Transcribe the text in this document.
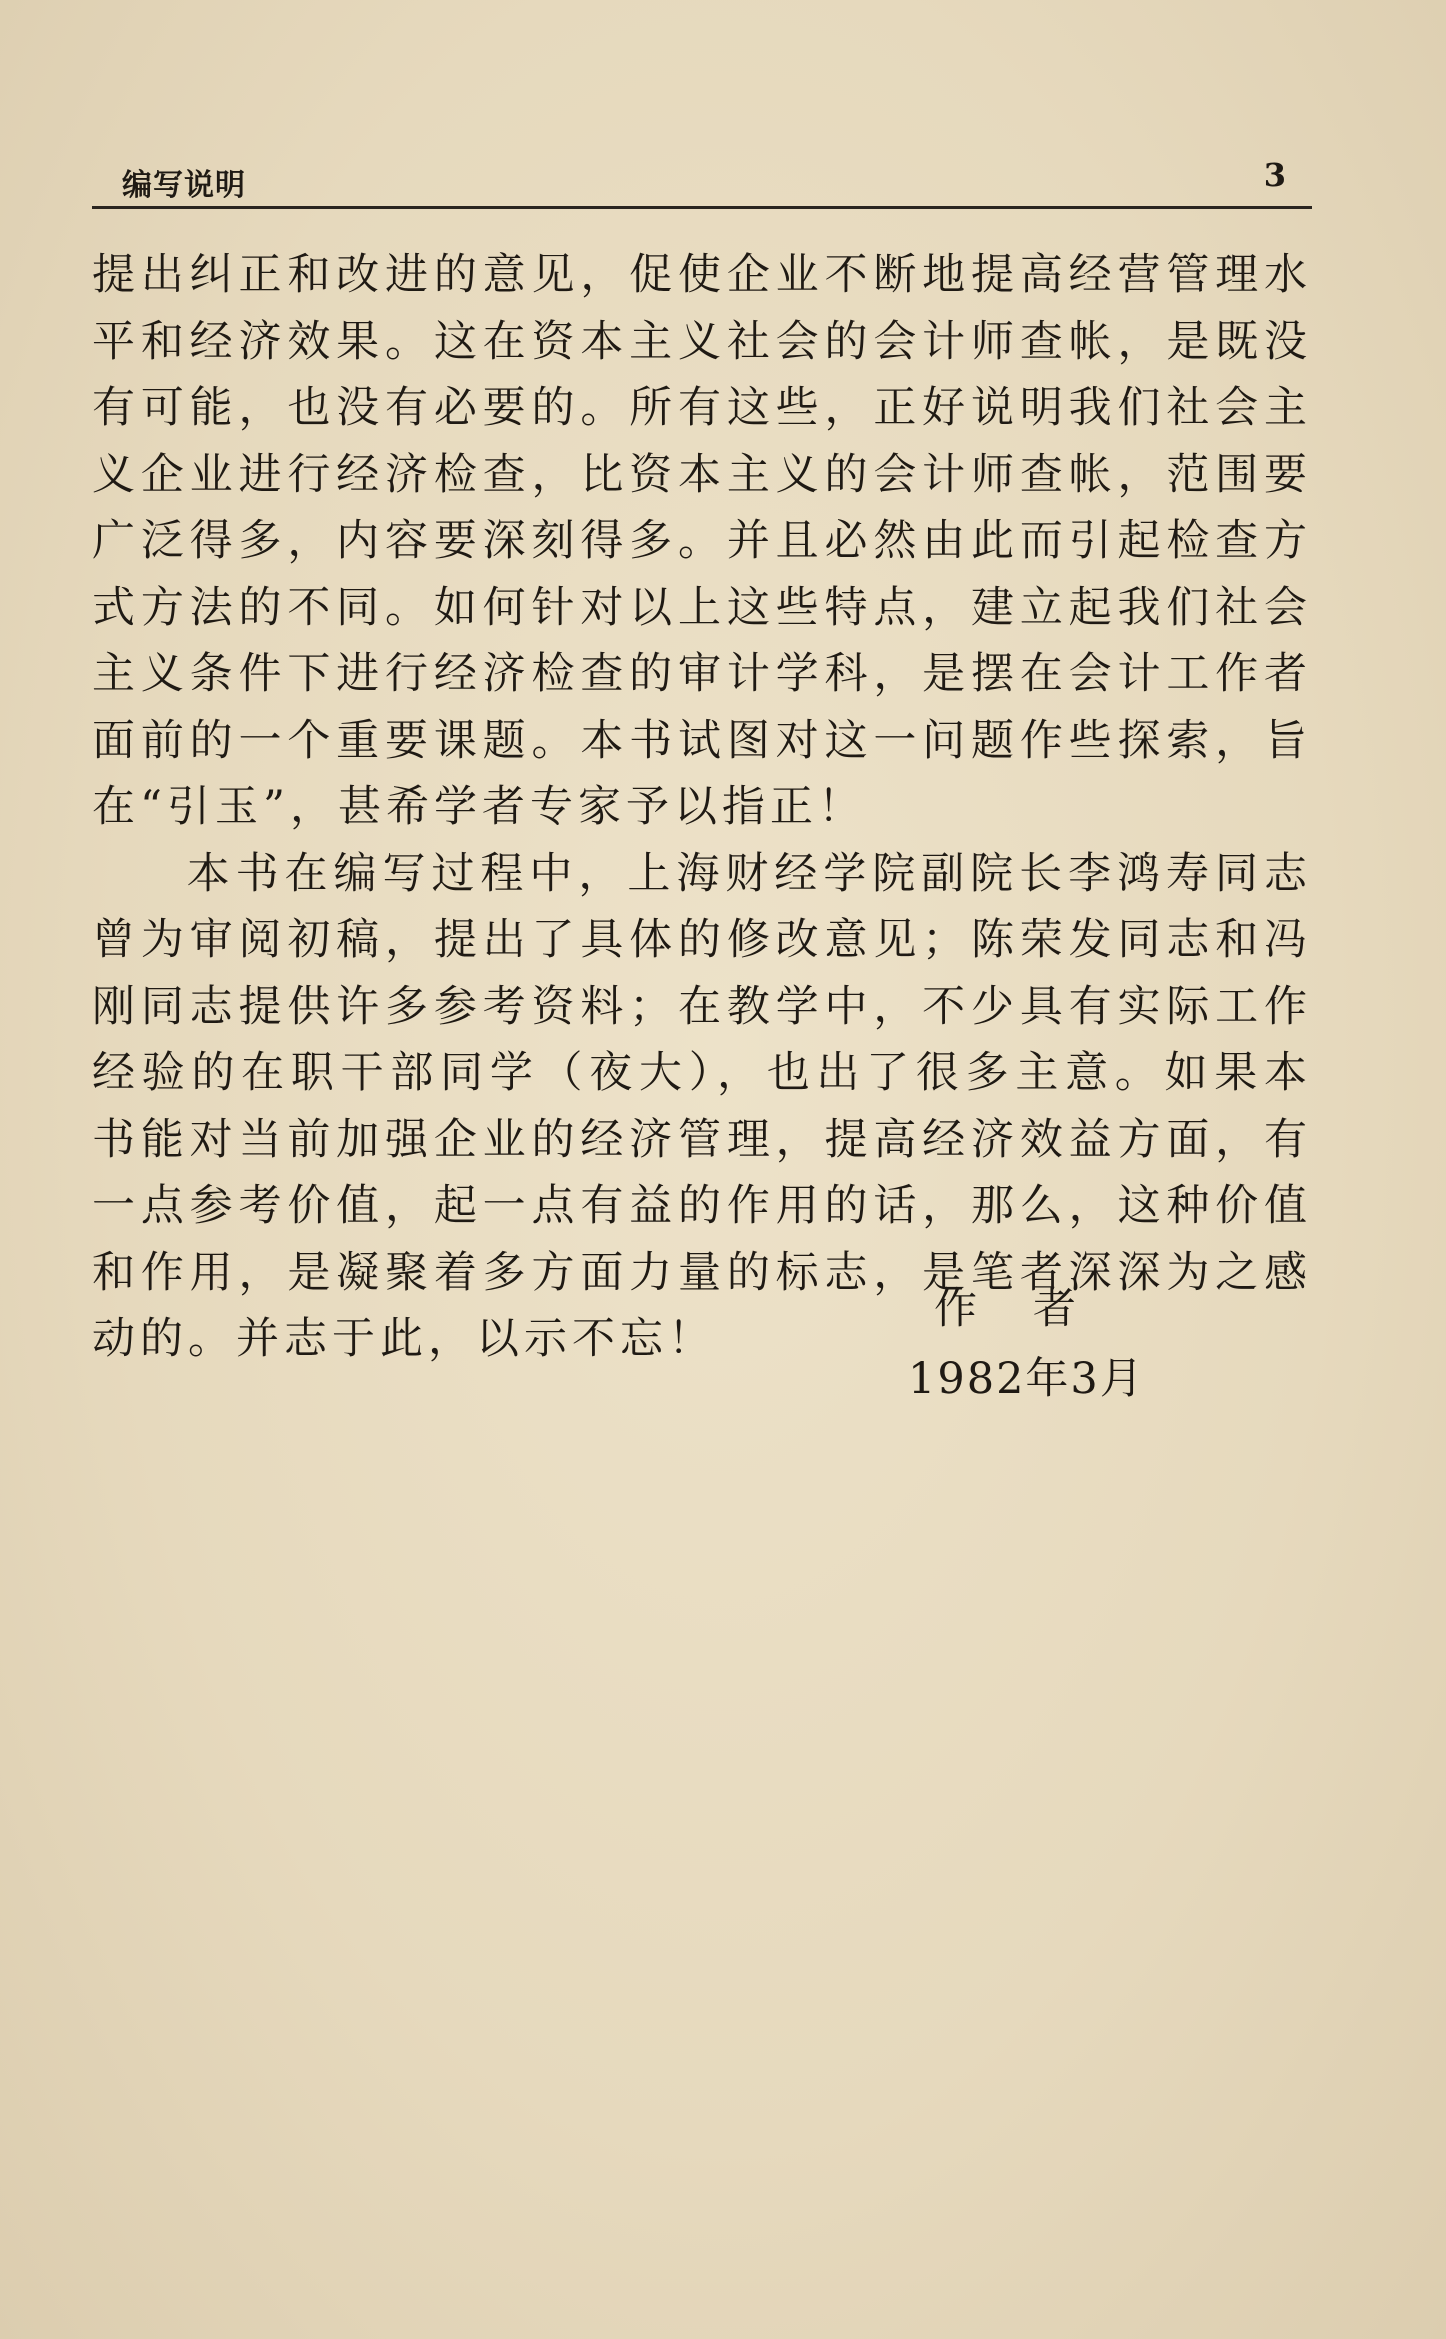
编写说明	3

提出纠正和改进的意见，促使企业不断地提高经营管理水平和经济效果。这在资本主义社会的会计师查帐，是既没有可能，也没有必要的。所有这些，正好说明我们社会主义企业进行经济检查，比资本主义的会计师查帐，范围要广泛得多，内容要深刻得多。并且必然由此而引起检查方式方法的不同。如何针对以上这些特点，建立起我们社会主义条件下进行经济检查的审计学科，是摆在会计工作者面前的一个重要课题。本书试图对这一问题作些探索，旨在“引玉”，甚希学者专家予以指正！

本书在编写过程中，上海财经学院副院长李鸿寿同志曾为审阅初稿，提出了具体的修改意见；陈荣发同志和冯刚同志提供许多参考资料；在教学中，不少具有实际工作经验的在职干部同学（夜大），也出了很多主意。如果本书能对当前加强企业的经济管理，提高经济效益方面，有一点参考价值，起一点有益的作用的话，那么，这种价值和作用，是凝聚着多方面力量的标志，是笔者深深为之感动的。并志于此，以示不忘！

作者
1982年3月
